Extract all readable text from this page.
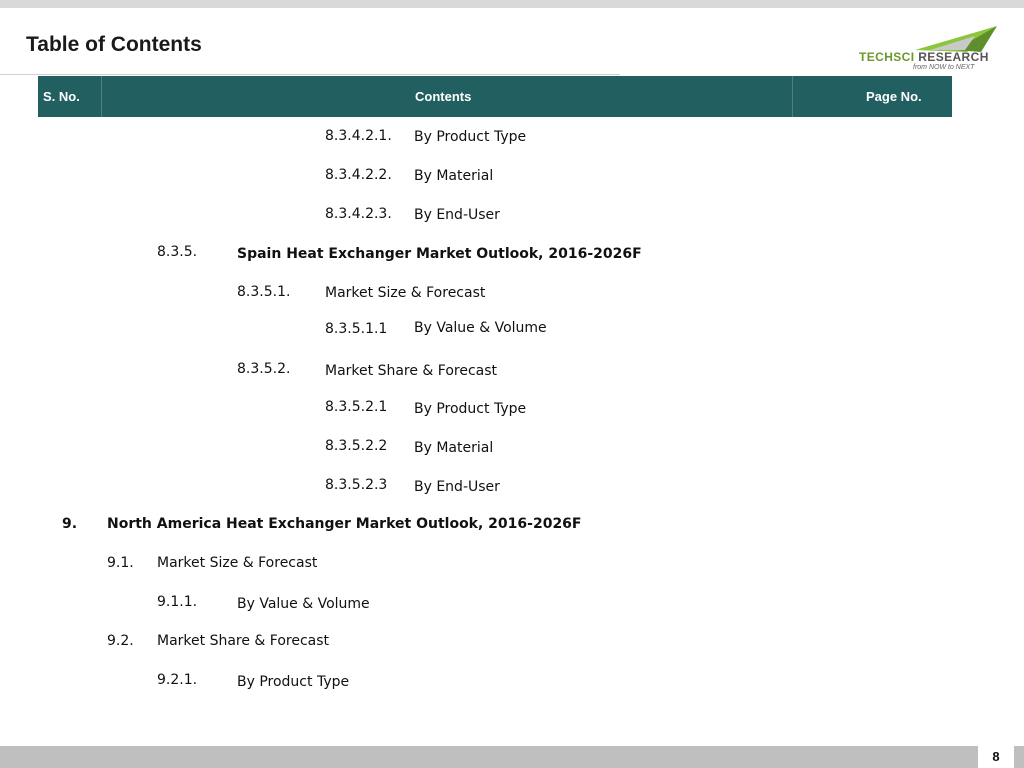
Table of Contents
TECHSCI RESEARCH
from NOW to NEXT
S. No.	Contents	Page No.
8.3.4.2.1. By Product Type
8.3.4.2.2. By Material
8.3.4.2.3. By End-User
8.3.5.	Spain Heat Exchanger Market Outlook, 2016-2026F
8.3.5.1. Market Size & Forecast
8.3.5.1.1 By Value & Volume
8.3.5.2. Market Share & Forecast
8.3.5.2.1 By Product Type
8.3.5.2.2 By Material
8.3.5.2.3 By End-User
9. North America Heat Exchanger Market Outlook, 2016-2026F
9.1. Market Size & Forecast
9.1.1.	By Value & Volume
9.2. Market Share & Forecast
9.2.1.	By Product Type
8
